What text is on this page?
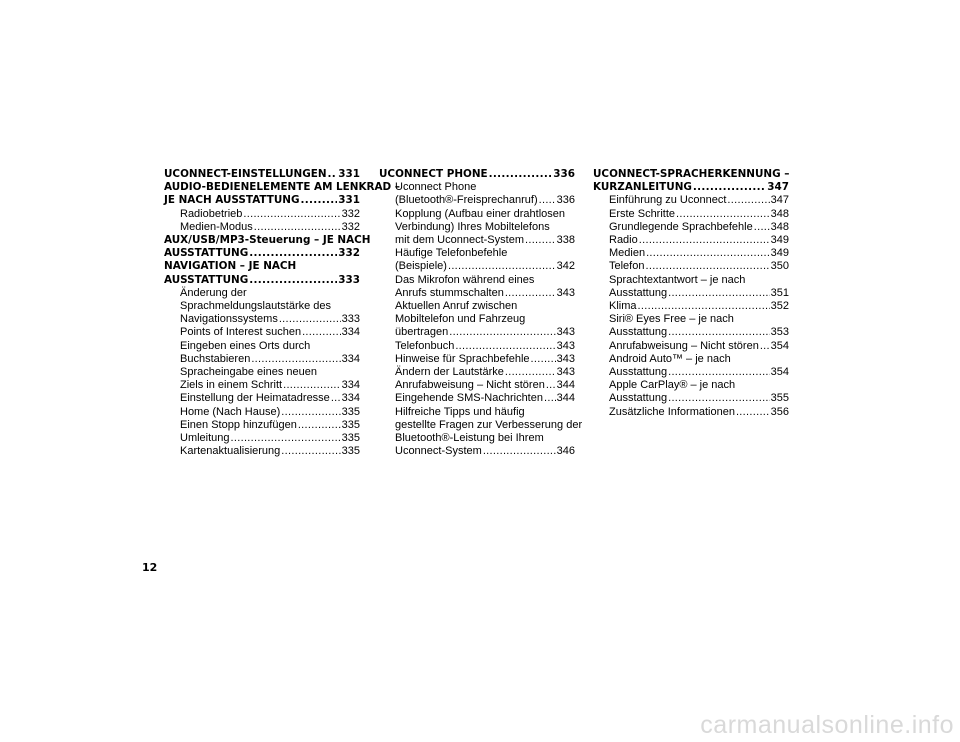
UCONNECT-EINSTELLUNGEN ..... 331
AUDIO-BEDIENELEMENTE AM LENKRAD –
JE NACH AUSSTATTUNG .....	331
Radiobetrieb .....	332
Medien-Modus .....	332
AUX/USB/MP3-Steuerung – JE NACH
AUSSTATTUNG .....	332
NAVIGATION – JE NACH
AUSSTATTUNG .....	333
Änderung der
Sprachmeldungslautstärke des
Navigationssystems .....	333
Points of Interest suchen .....	334
Eingeben eines Orts durch
Buchstabieren .....	334
Spracheingabe eines neuen
Ziels in einem Schritt .....	334
Einstellung der Heimatadresse ..... 334
Home (Nach Hause) .....	335
Einen Stopp hinzufügen .....	335
Umleitung .....	335
Kartenaktualisierung .....	335
UCONNECT PHONE .....	336
Uconnect Phone
(Bluetooth®-Freisprechanruf) ..... 336
Kopplung (Aufbau einer drahtlosen
Verbindung) Ihres Mobiltelefons
mit dem Uconnect-System .....	338
Häufige Telefonbefehle
(Beispiele) .....	342
Das Mikrofon während eines
Anrufs stummschalten .....	343
Aktuellen Anruf zwischen
Mobiltelefon und Fahrzeug
übertragen .....	343
Telefonbuch .....	343
Hinweise für Sprachbefehle ..... 343
Ändern der Lautstärke .....	343
Anrufabweisung – Nicht stören ..... 344
Eingehende SMS-Nachrichten ..... 344
Hilfreiche Tipps und häufig
gestellte Fragen zur Verbesserung der
Bluetooth®-Leistung bei Ihrem
Uconnect-System .....	346
UCONNECT-SPRACHERKENNUNG –
KURZANLEITUNG .....	347
Einführung zu Uconnect .....	347
Erste Schritte .....	348
Grundlegende Sprachbefehle ..... 348
Radio .....	349
Medien .....	349
Telefon .....	350
Sprachtextantwort – je nach
Ausstattung .....	351
Klima .....	352
Siri® Eyes Free – je nach
Ausstattung .....	353
Anrufabweisung – Nicht stören ..... 354
Android Auto™ – je nach
Ausstattung .....	354
Apple CarPlay® – je nach
Ausstattung .....	355
Zusätzliche Informationen .....	356
12
carmanualsonline.info
